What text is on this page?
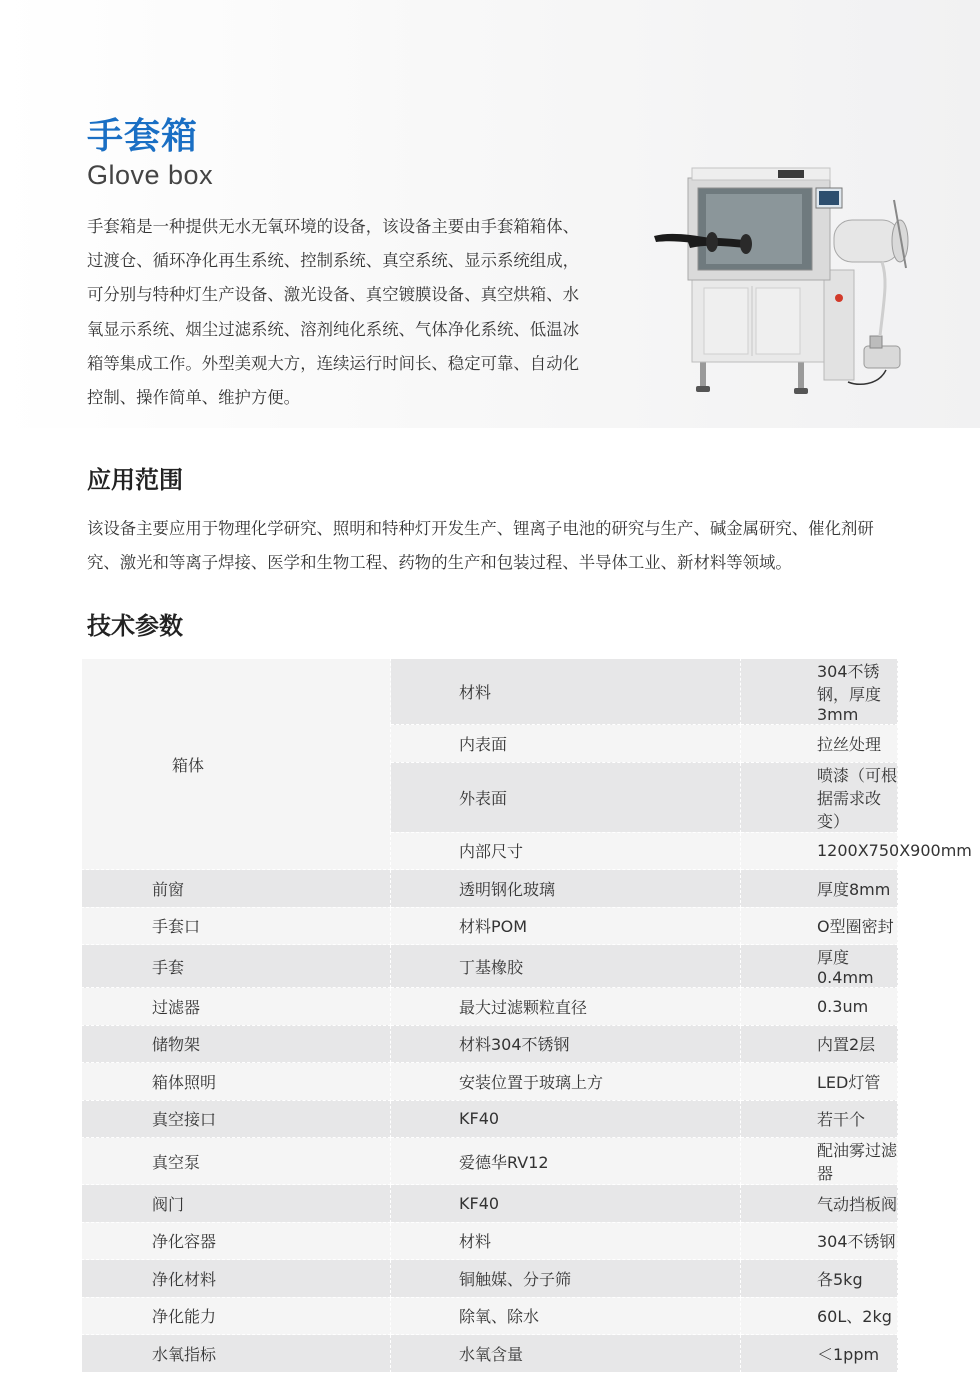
手套箱
Glove box

手套箱是一种提供无水无氧环境的设备，该设备主要由手套箱箱体、过渡仓、循环净化再生系统、控制系统、真空系统、显示系统组成，可分别与特种灯生产设备、激光设备、真空镀膜设备、真空烘箱、水氧显示系统、烟尘过滤系统、溶剂纯化系统、气体净化系统、低温冰箱等集成工作。外型美观大方，连续运行时间长、稳定可靠、自动化控制、操作简单、维护方便。

应用范围

该设备主要应用于物理化学研究、照明和特种灯开发生产、锂离子电池的研究与生产、碱金属研究、催化剂研究、激光和等离子焊接、医学和生物工程、药物的生产和包装过程、半导体工业、新材料等领域。

技术参数
箱体	材料	304不锈钢，厚度3mm
	内表面	拉丝处理
	外表面	喷漆（可根据需求改变）
	内部尺寸	1200X750X900mm
前窗	透明钢化玻璃	厚度8mm
手套口	材料POM	O型圈密封
手套	丁基橡胶	厚度0.4mm
过滤器	最大过滤颗粒直径	0.3um
储物架	材料304不锈钢	内置2层
箱体照明	安装位置于玻璃上方	LED灯管
真空接口	KF40	若干个
真空泵	爱德华RV12	配油雾过滤器
阀门	KF40	气动挡板阀
净化容器	材料	304不锈钢
净化材料	铜触媒、分子筛	各5kg
净化能力	除氧、除水	60L、2kg
水氧指标	水氧含量	＜1ppm
